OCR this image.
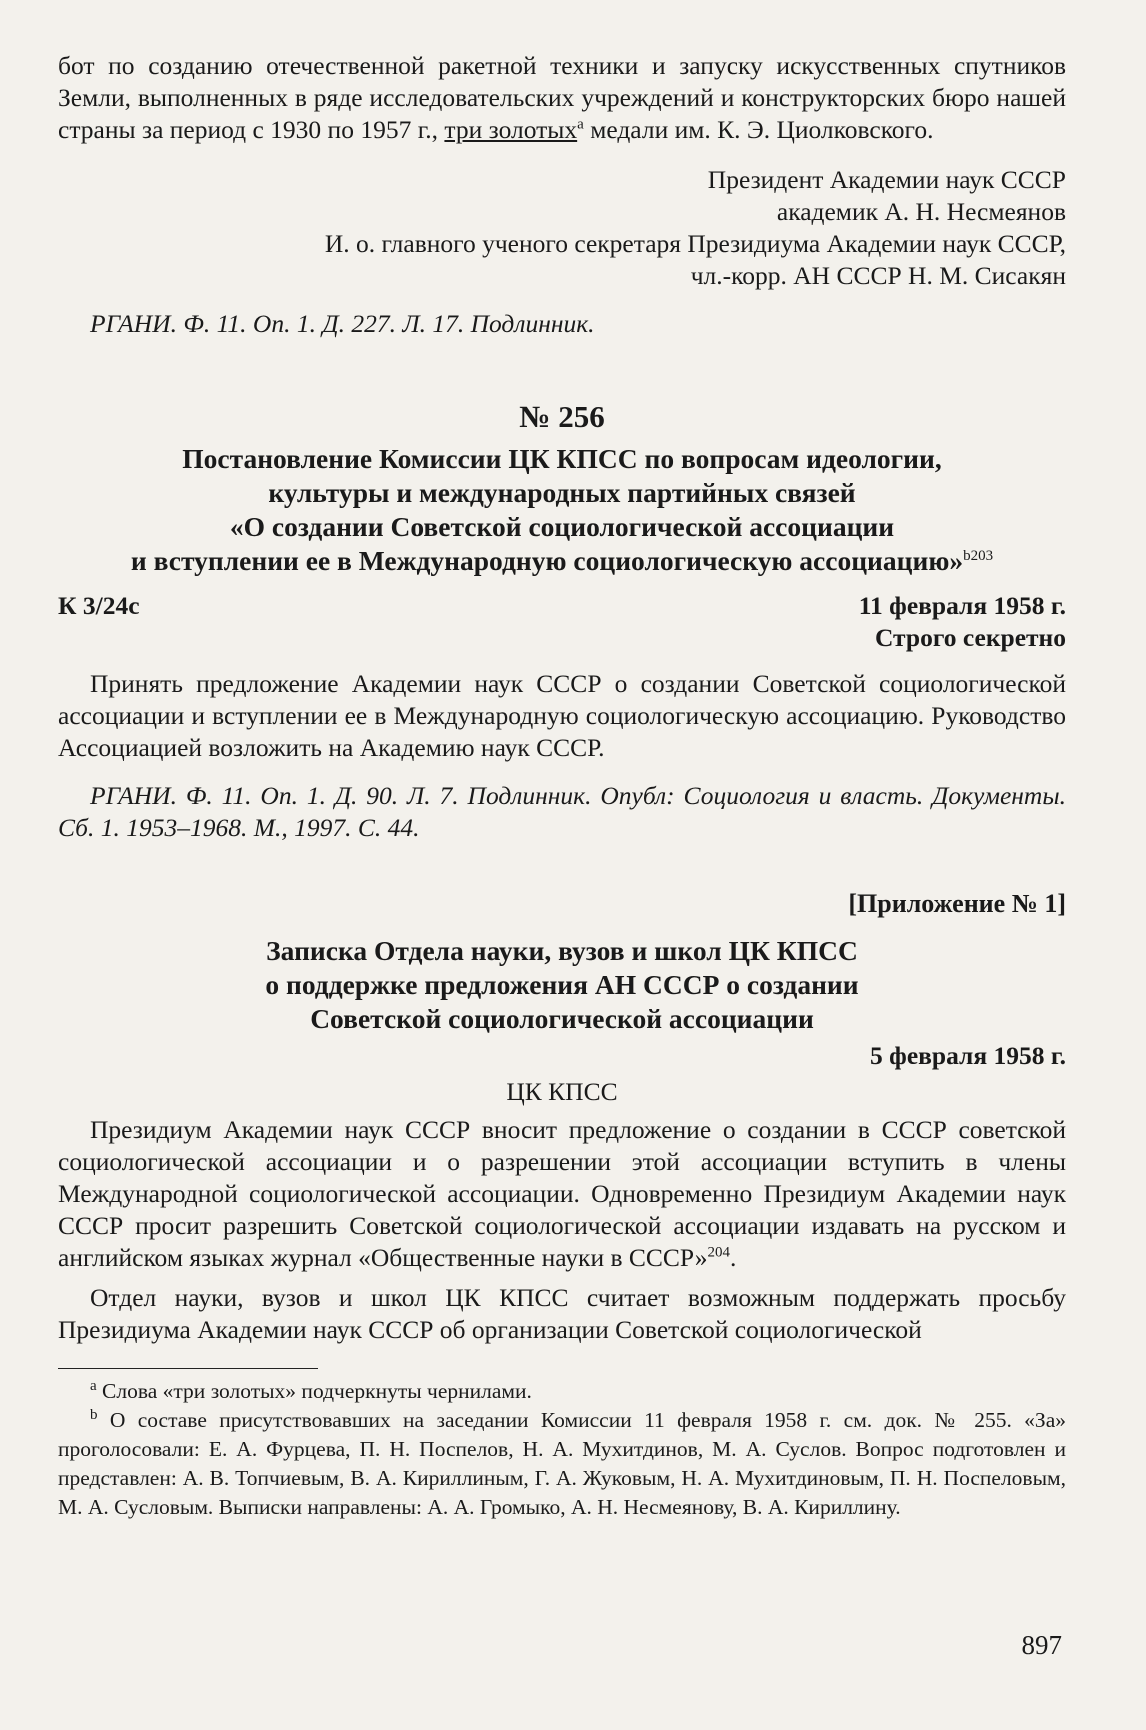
бот по созданию отечественной ракетной техники и запуску искусственных спутников Земли, выполненных в ряде исследовательских учреждений и конструкторских бюро нашей страны за период с 1930 по 1957 г., три золотых$^a$ медали им. К. Э. Циолковского.

Президент Академии наук СССР

академик А. Н. Несмеянов

И. о. главного ученого секретаря Президиума Академии наук СССР,

чл.-корр. АН СССР Н. М. Сисакян

РГАНИ. Ф. 11. Оп. 1. Д. 227. Л. 17. Подлинник.

№ 256

Постановление Комиссии ЦК КПСС по вопросам идеологии,
культуры и международных партийных связей
«О создании Советской социологической ассоциации
и вступлении ее в Международную социологическую ассоциацию»$^{b203}$
К 3/24с	11 февраля 1958 г.

Строго секретно

Принять предложение Академии наук СССР о создании Советской социологической ассоциации и вступлении ее в Международную социологическую ассоциацию. Руководство Ассоциацией возложить на Академию наук СССР.

РГАНИ. Ф. 11. Оп. 1. Д. 90. Л. 7. Подлинник. Опубл: Социология и власть. Документы. Сб. 1. 1953–1968. М., 1997. С. 44.

[Приложение № 1]

Записка Отдела науки, вузов и школ ЦК КПСС
о поддержке предложения АН СССР о создании
Советской социологической ассоциации

5 февраля 1958 г.

ЦК КПСС

Президиум Академии наук СССР вносит предложение о создании в СССР советской социологической ассоциации и о разрешении этой ассоциации вступить в члены Международной социологической ассоциации. Одновременно Президиум Академии наук СССР просит разрешить Советской социологической ассоциации издавать на русском и английском языках журнал «Общественные науки в СССР»$^{204}$.

Отдел науки, вузов и школ ЦК КПСС считает возможным поддержать просьбу Президиума Академии наук СССР об организации Советской социологической

$^a$ Слова «три золотых» подчеркнуты чернилами.

$^b$ О составе присутствовавших на заседании Комиссии 11 февраля 1958 г. см. док. № 255. «За» проголосовали: Е. А. Фурцева, П. Н. Поспелов, Н. А. Мухитдинов, М. А. Суслов. Вопрос подготовлен и представлен: А. В. Топчиевым, В. А. Кириллиным, Г. А. Жуковым, Н. А. Мухитдиновым, П. Н. Поспеловым, М. А. Сусловым. Выписки направлены: А. А. Громыко, А. Н. Несмеянову, В. А. Кириллину.

897
